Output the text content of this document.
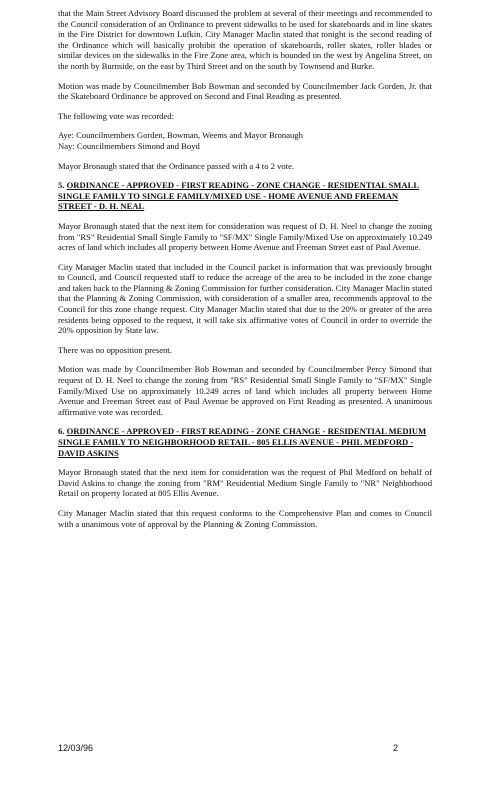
that the Main Street Advisory Board discussed the problem at several of their meetings and recommended to the Council consideration of an Ordinance to prevent sidewalks to be used for skateboards and in line skates in the Fire District for downtown Lufkin. City Manager Maclin stated that tonight is the second reading of the Ordinance which will basically prohibit the operation of skateboards, roller skates, roller blades or similar devices on the sidewalks in the Fire Zone area, which is bounded on the west by Angelina Street, on the north by Burnside, on the east by Third Street and on the south by Townsend and Burke.

Motion was made by Councilmember Bob Bowman and seconded by Councilmember Jack Gorden, Jr. that the Skateboard Ordinance be approved on Second and Final Reading as presented.

The following vote was recorded:

Aye: Councilmembers Gorden, Bowman, Weems and Mayor Bronaugh

Nay: Councilmembers Simond and Boyd

Mayor Bronaugh stated that the Ordinance passed with a 4 to 2 vote.

5. ORDINANCE - APPROVED - FIRST READING - ZONE CHANGE - RESIDENTIAL SMALL SINGLE FAMILY TO SINGLE FAMILY/MIXED USE - HOME AVENUE AND FREEMAN STREET - D. H. NEAL

Mayor Bronaugh stated that the next item for consideration was request of D. H. Neel to change the zoning from "RS" Residential Small Single Family to "SF/MX" Single Family/Mixed Use on approximately 10.249 acres of land which includes all property between Home Avenue and Freeman Street east of Paul Avenue.

City Manager Maclin stated that included in the Council packet is information that was previously brought to Council, and Council requested staff to reduce the acreage of the area to be included in the zone change and taken back to the Planning & Zoning Commission for further consideration. City Manager Maclin stated that the Planning & Zoning Commission, with consideration of a smaller area, recommends approval to the Council for this zone change request. City Manager Maclin stated that due to the 20% or greater of the area residents being opposed to the request, it will take six affirmative votes of Council in order to override the 20% opposition by State law.

There was no opposition present.

Motion was made by Councilmember Bob Bowman and seconded by Councilmember Percy Simond that request of D. H. Neel to change the zoning from "RS" Residential Small Single Family to "SF/MX" Single Family/Mixed Use on approximately 10.249 acres of land which includes all property between Home Avenue and Freeman Street east of Paul Avenue be approved on First Reading as presented. A unanimous affirmative vote was recorded.

6. ORDINANCE - APPROVED - FIRST READING - ZONE CHANGE - RESIDENTIAL MEDIUM SINGLE FAMILY TO NEIGHBORHOOD RETAIL - 805 ELLIS AVENUE - PHIL MEDFORD - DAVID ASKINS

Mayor Bronaugh stated that the next item for consideration was the request of Phil Medford on behalf of David Askins to change the zoning from "RM" Residential Medium Single Family to "NR" Neighborhood Retail on property located at 805 Ellis Avenue.

City Manager Maclin stated that this request conforms to the Comprehensive Plan and comes to Council with a unanimous vote of approval by the Planning & Zoning Commission.

12/03/96	2
